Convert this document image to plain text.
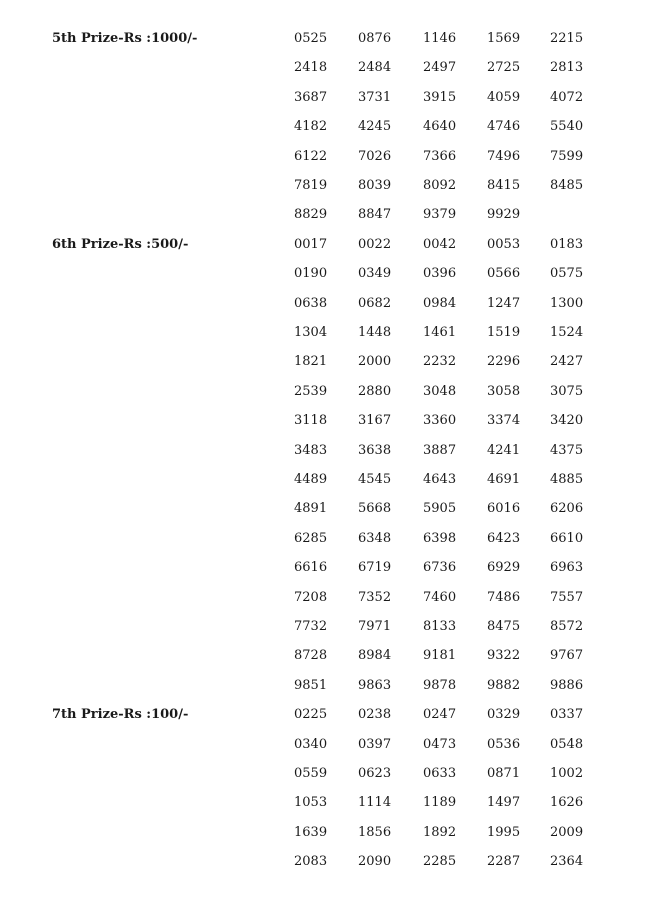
5th Prize-Rs :1000/-	0525 0876 1146 1569 2215
2418 2484 2497 2725 2813
3687 3731 3915 4059 4072
4182 4245 4640 4746 5540
6122 7026 7366 7496 7599
7819 8039 8092 8415 8485
8829 8847 9379 9929
6th Prize-Rs :500/-	0017 0022 0042 0053 0183
0190 0349 0396 0566 0575
0638 0682 0984 1247 1300
1304 1448 1461 1519 1524
1821 2000 2232 2296 2427
2539 2880 3048 3058 3075
3118 3167 3360 3374 3420
3483 3638 3887 4241 4375
4489 4545 4643 4691 4885
4891 5668 5905 6016 6206
6285 6348 6398 6423 6610
6616 6719 6736 6929 6963
7208 7352 7460 7486 7557
7732 7971 8133 8475 8572
8728 8984 9181 9322 9767
9851 9863 9878 9882 9886
7th Prize-Rs :100/-	0225 0238 0247 0329 0337
0340 0397 0473 0536 0548
0559 0623 0633 0871 1002
1053 1114 1189 1497 1626
1639 1856 1892 1995 2009
2083 2090 2285 2287 2364
